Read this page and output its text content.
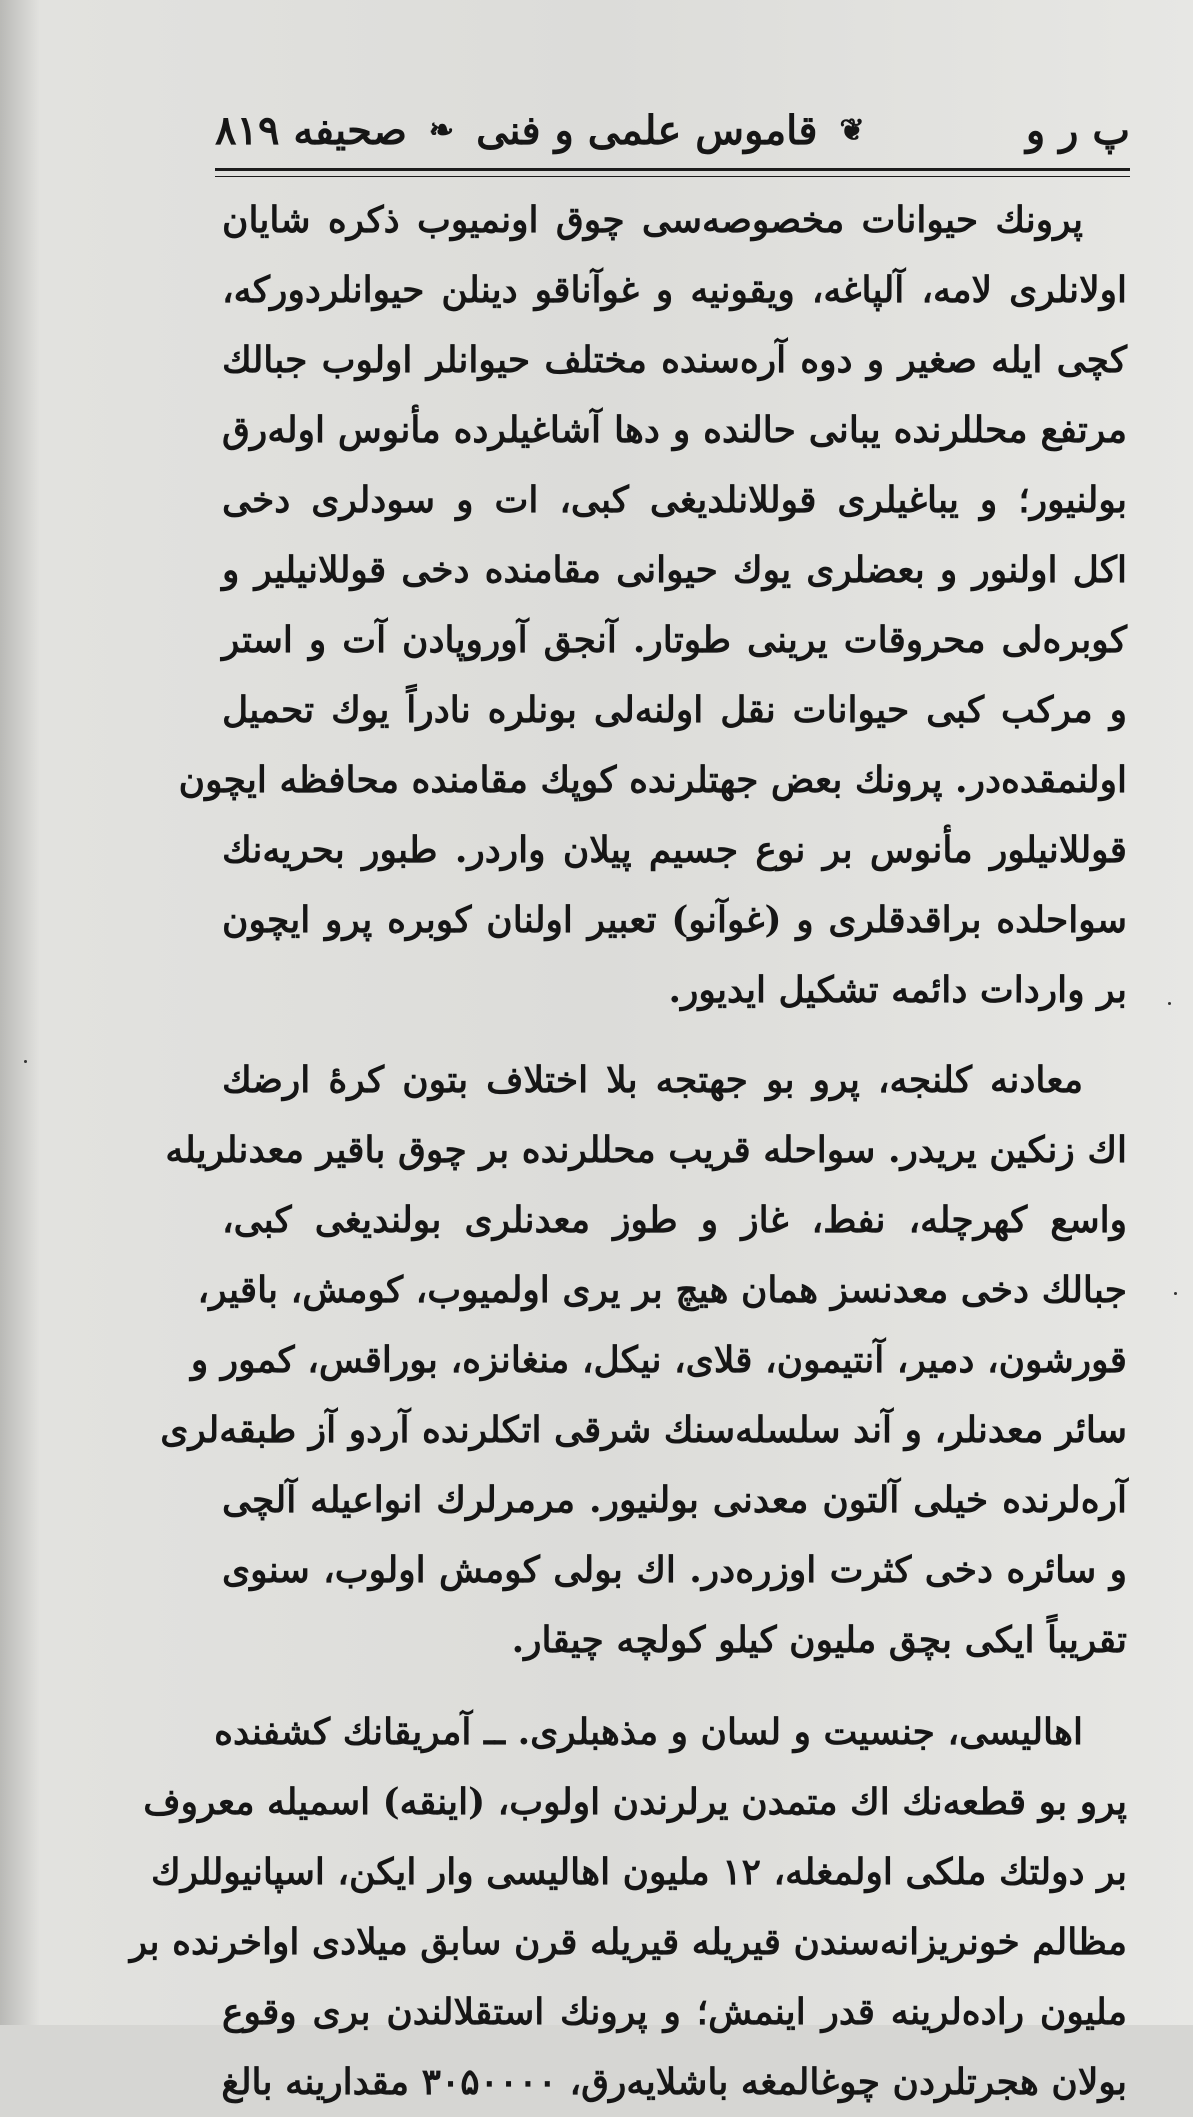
پ ر و
❦
قاموس علمی و فنی
❧
صحیفه ۸۱۹
پرونك حیوانات مخصوصه‌سی چوق اونمیوب ذکره شایان
اولانلری لامه، آلپاغه، ویقونیه و غوآناقو دینلن حیوانلردورکه،
کچی ایله صغیر و دوه آره‌سنده مختلف حیوانلر اولوب جبالك
مرتفع محللرنده یبانی حالنده و دها آشاغیلرده مأنوس اوله‌رق
بولنیور؛ و یباغیلری قوللانلدیغی کبی، ات و سودلری دخی
اکل اولنور و بعضلری یوك حیوانی مقامنده دخی قوللانیلیر و
کوبره‌لی محروقات یرینی طوتار. آنجق آوروپادن آت و استر
و مرکب کبی حیوانات نقل اولنه‌لی بونلره نادراً یوك تحمیل
اولنمقده‌در. پرونك بعض جهتلرنده کوپك مقامنده محافظه ایچون
قوللانیلور مأنوس بر نوع جسیم پیلان واردر. طبور بحریه‌نك
سواحلده براقدقلری و (غوآنو) تعبیر اولنان کوبره پرو ایچون
بر واردات دائمه تشکیل ایدیور.
معادنه کلنجه، پرو بو جهتجه بلا اختلاف بتون کرهٔ ارضك
اك زنکین یریدر. سواحله قریب محللرنده بر چوق باقیر معدنلریله
واسع کهرچله، نفط، غاز و طوز معدنلری بولندیغی کبی،
جبالك دخی معدنسز همان هیچ بر یری اولمیوب، کومش، باقیر،
قورشون، دمیر، آنتیمون، قلای، نیکل، منغانزه، بوراقس، کمور و
سائر معدنلر، و آند سلسله‌سنك شرقی اتکلرنده آردو آز طبقه‌لری
آره‌لرنده خیلی آلتون معدنی بولنیور. مرمرلرك انواعیله آلچی
و سائره دخی کثرت اوزره‌در. اك بولی کومش اولوب، سنوی
تقریباً ایکی بچق ملیون کیلو کولچه چیقار.
اهالیسی، جنسیت و لسان و مذهبلری. ــ آمریقانك کشفنده
پرو بو قطعه‌نك اك متمدن یرلرندن اولوب، (اینقه) اسمیله معروف
بر دولتك ملکی اولمغله، ۱۲ ملیون اهالیسی وار ایکن، اسپانیوللرك
مظالم خونریزانه‌سندن قیریله قیریله قرن سابق میلادی اواخرنده بر
ملیون راده‌لرینه قدر اینمش؛ و پرونك استقلالندن بری وقوع
بولان هجرتلردن چوغالمغه باشلایه‌رق، ۳۰۵۰۰۰۰ مقدارینه بالغ
